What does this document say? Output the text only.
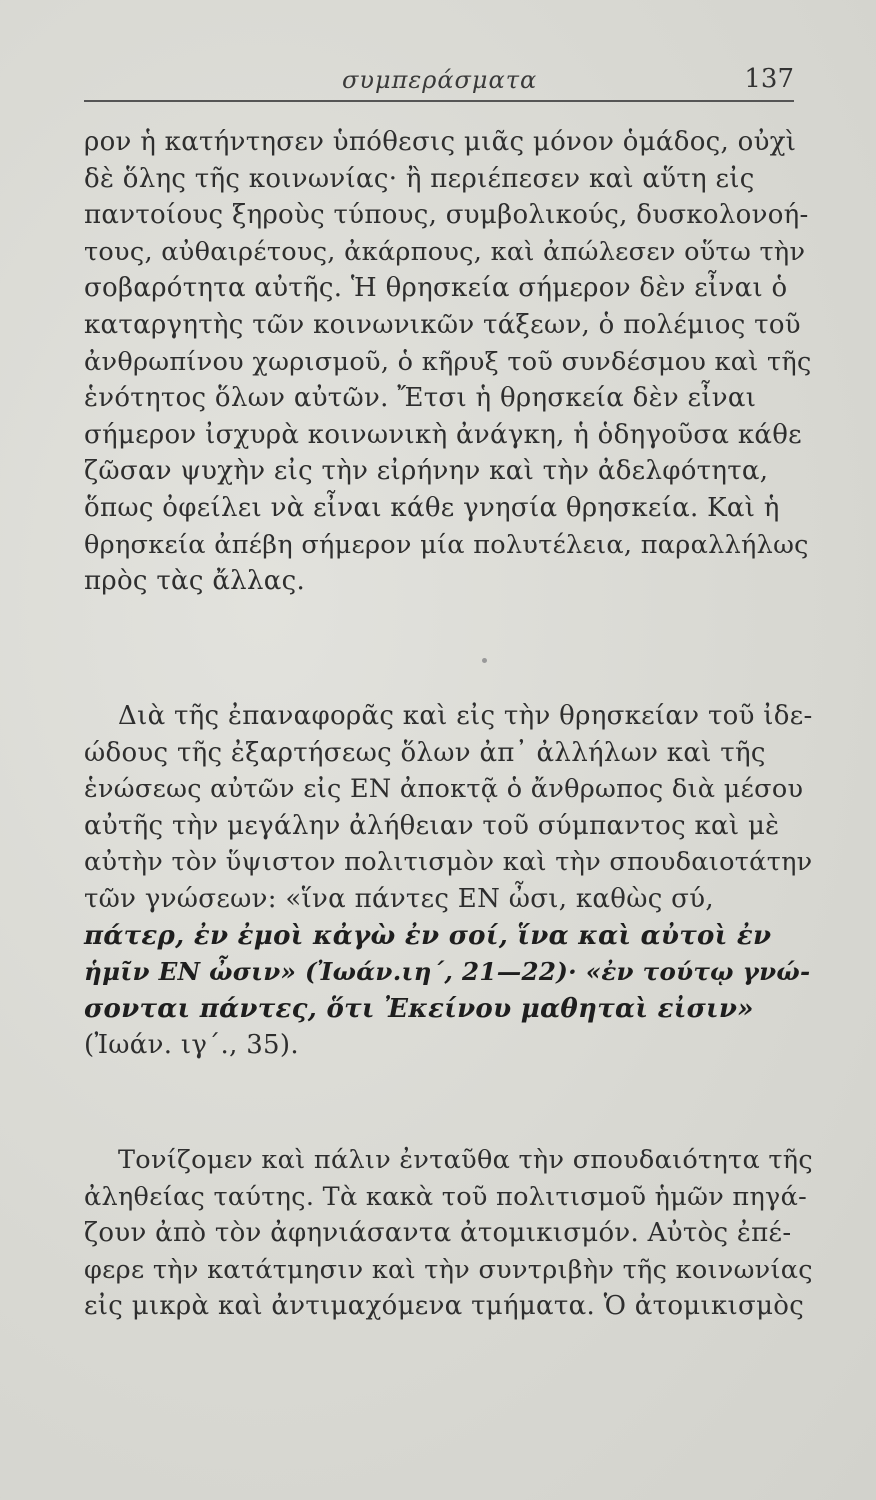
συμπεράσματα	137
ρον ἡ κατήντησεν ὑπόθεσις μιᾶς μόνον ὁμάδος, οὐχὶ
δὲ ὅλης τῆς κοινωνίας· ἢ περιέπεσεν καὶ αὕτη εἰς
παντοίους ξηροὺς τύπους, συμβολικούς, δυσκολονοή-
τους, αὐθαιρέτους, ἀκάρπους, καὶ ἀπώλεσεν οὕτω τὴν
σοβαρότητα αὐτῆς. Ἡ θρησκεία σήμερον δὲν εἶναι ὁ
καταργητὴς τῶν κοινωνικῶν τάξεων, ὁ πολέμιος τοῦ
ἀνθρωπίνου χωρισμοῦ, ὁ κῆρυξ τοῦ συνδέσμου καὶ τῆς
ἑνότητος ὅλων αὐτῶν. Ἔτσι ἡ θρησκεία δὲν εἶναι
σήμερον ἰσχυρὰ κοινωνικὴ ἀνάγκη, ἡ ὁδηγοῦσα κάθε
ζῶσαν ψυχὴν εἰς τὴν εἰρήνην καὶ τὴν ἀδελφότητα,
ὅπως ὀφείλει νὰ εἶναι κάθε γνησία θρησκεία. Καὶ ἡ
θρησκεία ἀπέβη σήμερον μία πολυτέλεια, παραλλήλως
πρὸς τὰς ἄλλας.
Διὰ τῆς ἐπαναφορᾶς καὶ εἰς τὴν θρησκείαν τοῦ ἰδε-
ώδους τῆς ἐξαρτήσεως ὅλων ἀπ᾿ ἀλλήλων καὶ τῆς
ἑνώσεως αὐτῶν εἰς ΕΝ ἀποκτᾷ ὁ ἄνθρωπος διὰ μέσου
αὐτῆς τὴν μεγάλην ἀλήθειαν τοῦ σύμπαντος καὶ μὲ
αὐτὴν τὸν ὕψιστον πολιτισμὸν καὶ τὴν σπουδαιοτάτην
τῶν γνώσεων: «ἵνα πάντες ΕΝ ὦσι, καθὼς σύ,
πάτερ, ἐν ἐμοὶ κἀγὼ ἐν σοί, ἵνα καὶ αὐτοὶ ἐν
ἡμῖν ΕΝ ὦσιν» (Ἰωάν.ιη΄, 21—22)· «ἐν τούτῳ γνώ-
σονται πάντες, ὅτι Ἐκείνου μαθηταὶ εἰσιν»
(Ἰωάν. ιγ΄., 35).
Τονίζομεν καὶ πάλιν ἐνταῦθα τὴν σπουδαιότητα τῆς
ἀληθείας ταύτης. Τὰ κακὰ τοῦ πολιτισμοῦ ἡμῶν πηγά-
ζουν ἀπὸ τὸν ἀφηνιάσαντα ἀτομικισμόν. Αὐτὸς ἐπέ-
φερε τὴν κατάτμησιν καὶ τὴν συντριβὴν τῆς κοινωνίας
εἰς μικρὰ καὶ ἀντιμαχόμενα τμήματα. Ὁ ἀτομικισμὸς
